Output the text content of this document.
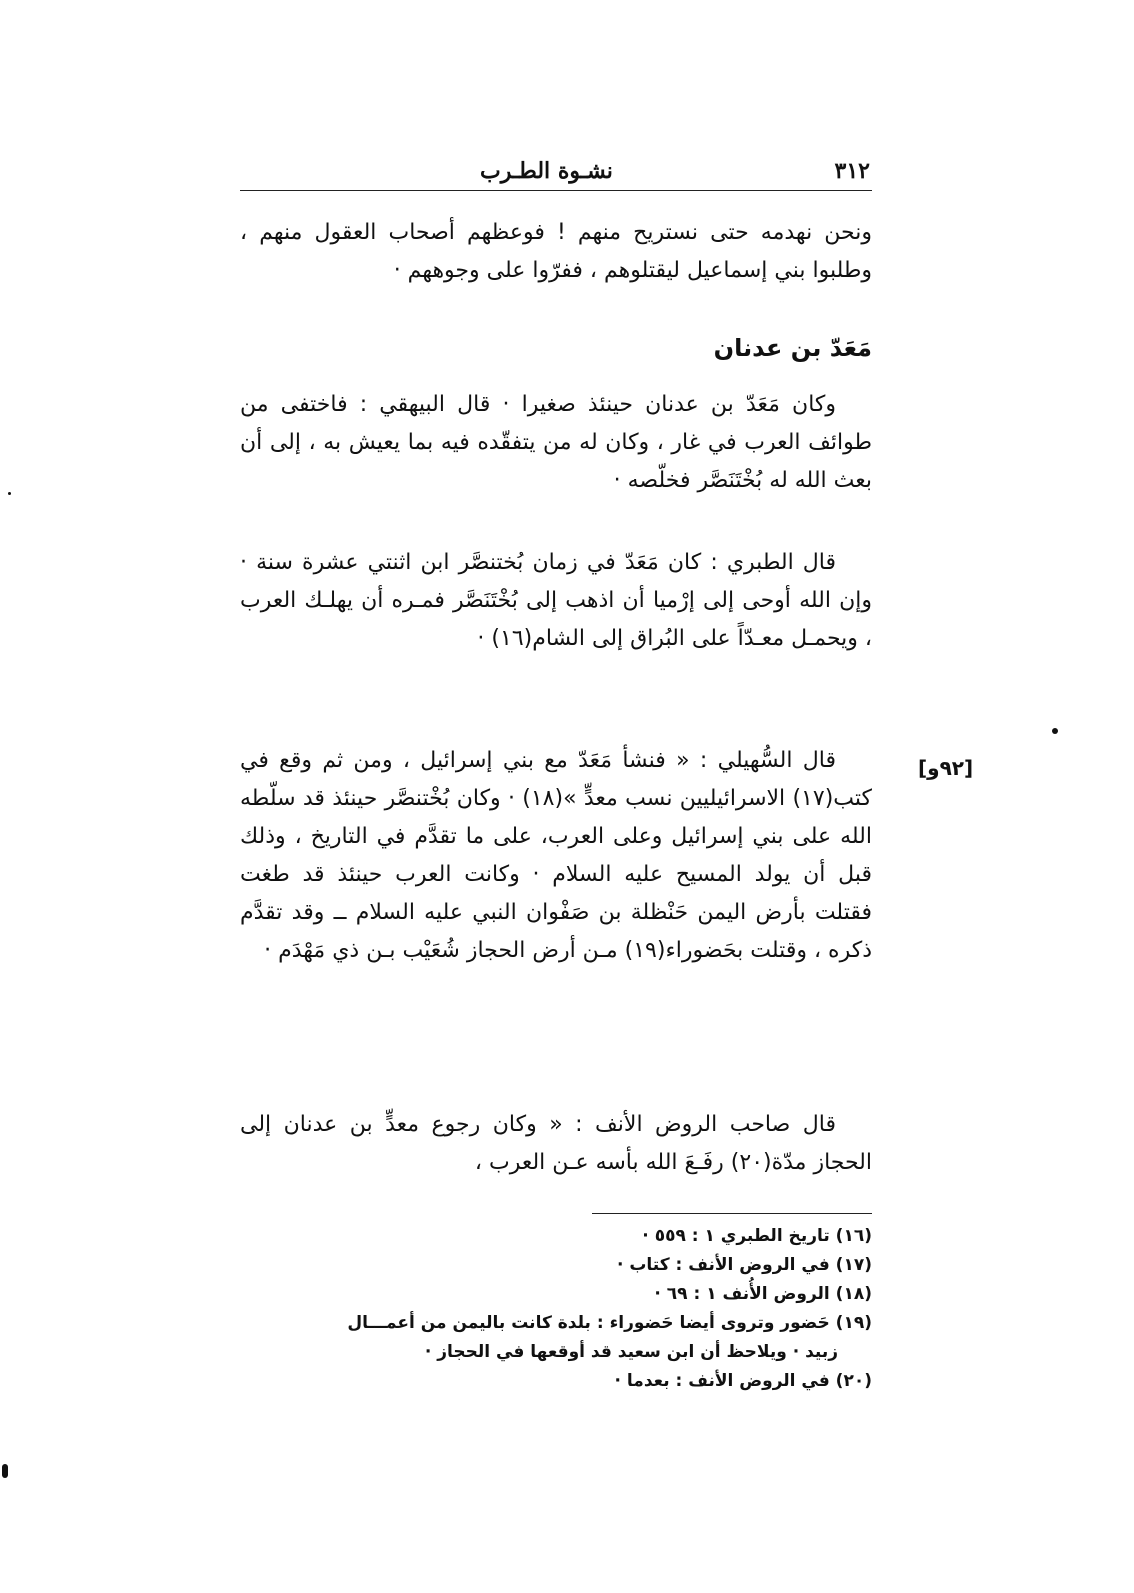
٣١٢
نشـوة الطـرب
ونحن نهدمه حتى نستريح منهم ! فوعظهم أصحاب العقول منهم ، وطلبوا بني إسماعيل ليقتلوهم ، ففرّوا على وجوههم ·
مَعَدّ بن عدنان
وكان مَعَدّ بن عدنان حينئذ صغيرا · قال البيهقي : فاختفى من طوائف العرب في غار ، وكان له من يتفقّده فيه بما يعيش به ، إلى أن بعث الله له بُخْتَنَصَّر فخلّصه ·
قال الطبري : كان مَعَدّ في زمان بُختنصَّر ابن اثنتي عشرة سنة · وإن الله أوحى إلى إرْميا أن اذهب إلى بُخْتَنَصَّر فمـره أن يهلـك العرب ، ويحمـل معـدّاً على البُراق إلى الشام(١٦) ·
قال السُّهيلي : « فنشأ مَعَدّ مع بني إسرائيل ، ومن ثم وقع في كتب(١٧) الاسرائيليين نسب معدٍّ »(١٨) · وكان بُخْتنصَّر حينئذ قد سلّطه الله على بني إسرائيل وعلى العرب، على ما تقدَّم في التاريخ ، وذلك قبل أن يولد المسيح عليه السلام · وكانت العرب حينئذ قد طغت فقتلت بأرض اليمن حَنْظلة بن صَفْوان النبي عليه السلام ــ وقد تقدَّم ذكره ، وقتلت بحَضوراء(١٩) مـن أرض الحجاز شُعَيْب بـن ذي مَهْدَم ·
[٩٢و]
قال صاحب الروض الأنف : « وكان رجوع معدٍّ بن عدنان إلى الحجاز مدّة(٢٠) رفَـعَ الله بأسه عـن العرب ،

(١٦) تاريخ الطبري ١ : ٥٥٩ ·

(١٧) في الروض الأنف : كتاب ·

(١٨) الروض الأُنف ١ : ٦٩ ·

(١٩) حَضور وتروى أيضا حَضوراء : بلدة كانت باليمن من أعمـــال

زبيد · ويلاحظ أن ابن سعيد قد أوقعها في الحجاز ·

(٢٠) في الروض الأنف : بعدما ·
